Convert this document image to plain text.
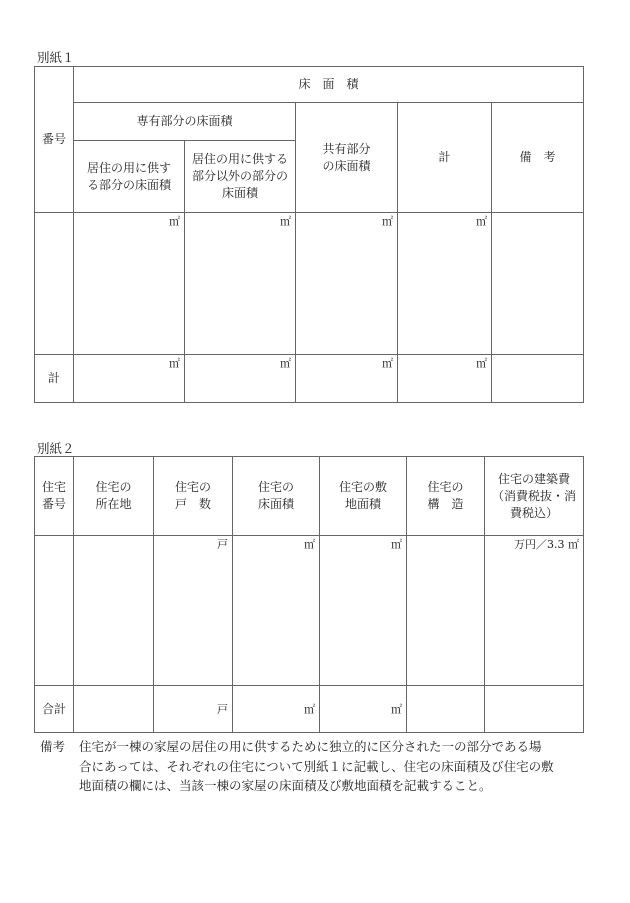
別紙１
番号	床　面　積				
	専有部分の床面積		共有部分の床面積	計	備　考
	居住の用に供する部分の床面積	居住の用に供する部分以外の部分の床面積			
	㎡	㎡	㎡	㎡	
計	㎡	㎡	㎡	㎡	
別紙２
住宅番号	住宅の所在地	住宅の戸　数	住宅の床面積	住宅の敷地面積	住宅の構　造	住宅の建築費（消費税抜・消費税込）
		戸	㎡	㎡		万円／3.3 ㎡
合計		戸	㎡	㎡		
備考 住宅が一棟の家屋の居住の用に供するために独立的に区分された一の部分である場
合にあっては、それぞれの住宅について別紙１に記載し、住宅の床面積及び住宅の敷
地面積の欄には、当該一棟の家屋の床面積及び敷地面積を記載すること。
